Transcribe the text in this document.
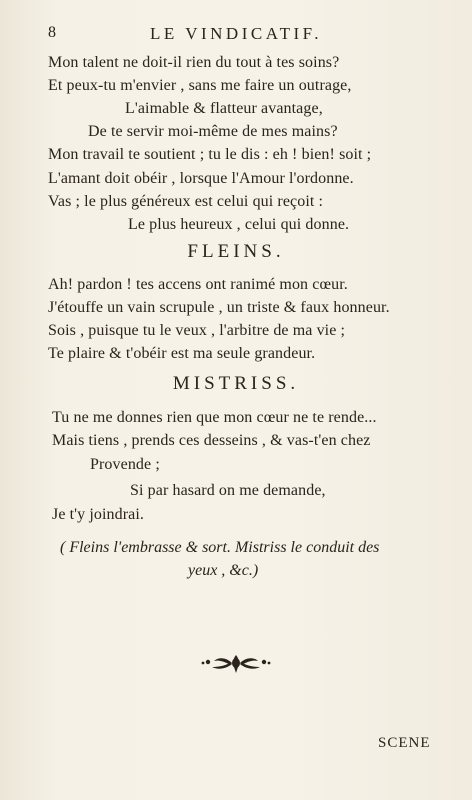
8	LE VINDICATIF.
Mon talent ne doit-il rien du tout à tes soins?
Et peux-tu m'envier , sans me faire un outrage,
L'aimable & flatteur avantage,
De te servir moi-même de mes mains?
Mon travail te soutient ; tu le dis : eh ! bien! soit ;
L'amant doit obéir , lorsque l'Amour l'ordonne.
Vas ; le plus généreux est celui qui reçoit :
Le plus heureux , celui qui donne.
FLEINS.
Ah! pardon ! tes accens ont ranimé mon cœur.
J'étouffe un vain scrupule , un triste & faux honneur.
Sois , puisque tu le veux , l'arbitre de ma vie ;
Te plaire & t'obéir est ma seule grandeur.
MISTRISS.
Tu ne me donnes rien que mon cœur ne te rende...
Mais tiens , prends ces desseins , & vas-t'en chez
Provende ;
Si par hasard on me demande,
Je t'y joindrai.
( Fleins l'embrasse & sort. Mistriss le conduit des
yeux , &c.)
SCENE
